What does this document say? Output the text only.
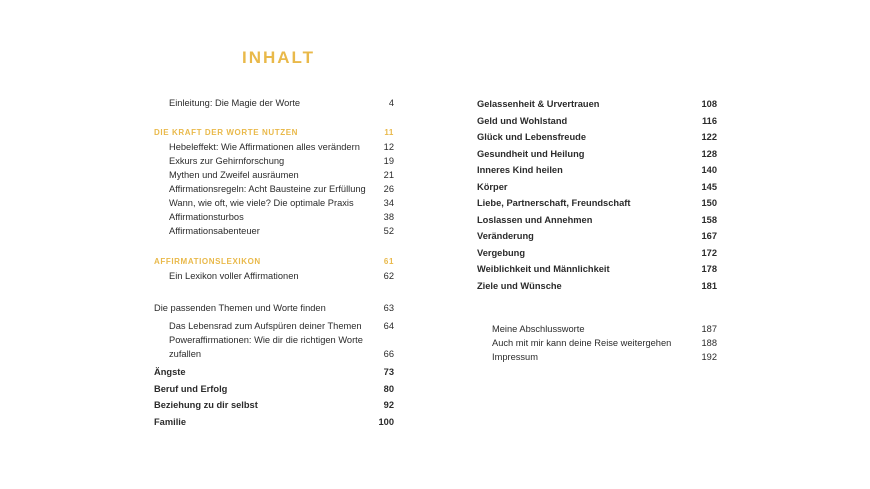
INHALT
Einleitung: Die Magie der Worte	4
DIE KRAFT DER WORTE NUTZEN	11
Hebeleffekt: Wie Affirmationen alles verändern	12
Exkurs zur Gehirnforschung	19
Mythen und Zweifel ausräumen	21
Affirmationsregeln: Acht Bausteine zur Erfüllung 26
Wann, wie oft, wie viele? Die optimale Praxis	34
Affirmationsturbos	38
Affirmationsabenteuer	52
AFFIRMATIONSLEXIKON	61
Ein Lexikon voller Affirmationen	62
Die passenden Themen und Worte finden	63
Das Lebensrad zum Aufspüren deiner Themen 64
Powerаffirmationen: Wie dir die richtigen Worte zufallen	66
Ängste	73
Beruf und Erfolg	80
Beziehung zu dir selbst	92
Familie	100
Gelassenheit & Urvertrauen	108
Geld und Wohlstand	116
Glück und Lebensfreude	122
Gesundheit und Heilung	128
Inneres Kind heilen	140
Körper	145
Liebe, Partnerschaft, Freundschaft	150
Loslassen und Annehmen	158
Veränderung	167
Vergebung	172
Weiblichkeit und Männlichkeit	178
Ziele und Wünsche	181
Meine Abschlussworte	187
Auch mit mir kann deine Reise weitergehen	188
Impressum	192
